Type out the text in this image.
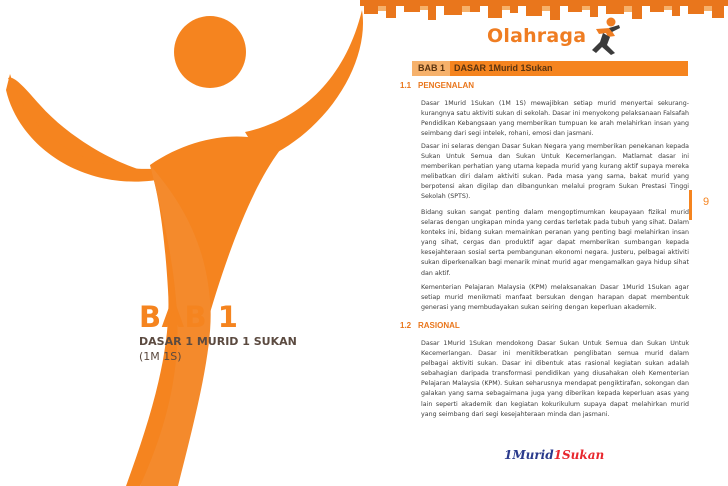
Olahraga
BAB 1 DASAR 1Murid 1Sukan
9
1.1 PENGENALAN

Dasar 1Murid 1Sukan (1M 1S) mewajibkan setiap murid menyertai sekurang-kurangnya satu aktiviti sukan di sekolah. Dasar ini menyokong pelaksanaan Falsafah Pendidikan Kebangsaan yang memberikan tumpuan ke arah melahirkan insan yang seimbang dari segi intelek, rohani, emosi dan jasmani.

Dasar ini selaras dengan Dasar Sukan Negara yang memberikan penekanan kepada Sukan Untuk Semua dan Sukan Untuk Kecemerlangan. Matlamat dasar ini memberikan perhatian yang utama kepada murid yang kurang aktif supaya mereka melibatkan diri dalam aktiviti sukan. Pada masa yang sama, bakat murid yang berpotensi akan digilap dan dibangunkan melalui program Sukan Prestasi Tinggi Sekolah (SPTS).

Bidang sukan sangat penting dalam mengoptimumkan keupayaan fizikal murid selaras dengan ungkapan minda yang cerdas terletak pada tubuh yang sihat. Dalam konteks ini, bidang sukan memainkan peranan yang penting bagi melahirkan insan yang sihat, cergas dan produktif agar dapat memberikan sumbangan kepada kesejahteraan sosial serta pembangunan ekonomi negara. Justeru, pelbagai aktiviti sukan diperkenalkan bagi menarik minat murid agar mengamalkan gaya hidup sihat dan aktif.

Kementerian Pelajaran Malaysia (KPM) melaksanakan Dasar 1Murid 1Sukan agar setiap murid menikmati manfaat bersukan dengan harapan dapat membentuk generasi yang membudayakan sukan seiring dengan keperluan akademik.

1.2 RASIONAL

Dasar 1Murid 1Sukan mendokong Dasar Sukan Untuk Semua dan Sukan Untuk Kecemerlangan. Dasar ini menitikberatkan penglibatan semua murid dalam pelbagai aktiviti sukan. Dasar ini dibentuk atas rasional kegiatan sukan adalah sebahagian daripada transformasi pendidikan yang diusahakan oleh Kementerian Pelajaran Malaysia (KPM). Sukan seharusnya mendapat pengiktirafan, sokongan dan galakan yang sama sebagaimana juga yang diberikan kepada keperluan asas yang lain seperti akademik dan kegiatan kokurikulum supaya dapat melahirkan murid yang seimbang dari segi kesejahteraan minda dan jasmani.

BAB 1
DASAR 1 MURID 1 SUKAN
(1M 1S)
1Murid1Sukan
